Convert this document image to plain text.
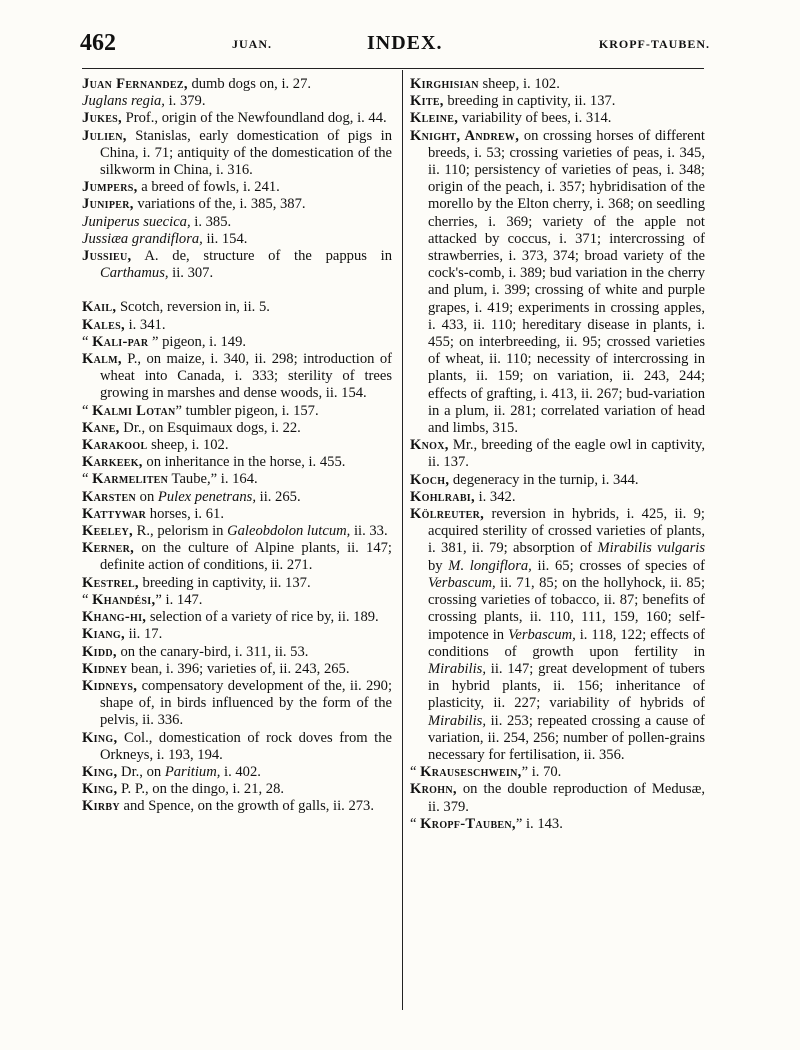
462	JUAN.	INDEX.	KROPF-TAUBEN.
Juan Fernandez, dumb dogs on, i. 27.
Juglans regia, i. 379.
Jukes, Prof., origin of the Newfoundland dog, i. 44.
Julien, Stanislas, early domestication of pigs in China, i. 71; antiquity of the domestication of the silkworm in China, i. 316.
Jumpers, a breed of fowls, i. 241.
Juniper, variations of the, i. 385, 387.
Juniperus suecica, i. 385.
Jussiæa grandiflora, ii. 154.
Jussieu, A. de, structure of the pappus in Carthamus, ii. 307.
Kail, Scotch, reversion in, ii. 5.
Kales, i. 341.
“ Kali-par ” pigeon, i. 149.
Kalm, P., on maize, i. 340, ii. 298; introduction of wheat into Canada, i. 333; sterility of trees growing in marshes and dense woods, ii. 154.
“ Kalmi Lotan” tumbler pigeon, i. 157.
Kane, Dr., on Esquimaux dogs, i. 22.
Karakool sheep, i. 102.
Karkeek, on inheritance in the horse, i. 455.
“ Karmeliten Taube,” i. 164.
Karsten on Pulex penetrans, ii. 265.
Kattywar horses, i. 61.
Keeley, R., pelorism in Galeobdolon lutcum, ii. 33.
Kerner, on the culture of Alpine plants, ii. 147; definite action of conditions, ii. 271.
Kestrel, breeding in captivity, ii. 137.
“ Khandési,” i. 147.
Khang-hi, selection of a variety of rice by, ii. 189.
Kiang, ii. 17.
Kidd, on the canary-bird, i. 311, ii. 53.
Kidney bean, i. 396; varieties of, ii. 243, 265.
Kidneys, compensatory development of the, ii. 290; shape of, in birds influenced by the form of the pelvis, ii. 336.
King, Col., domestication of rock doves from the Orkneys, i. 193, 194.
King, Dr., on Paritium, i. 402.
King, P. P., on the dingo, i. 21, 28.
Kirby and Spence, on the growth of galls, ii. 273.
Kirghisian sheep, i. 102.
Kite, breeding in captivity, ii. 137.
Kleine, variability of bees, i. 314.
Knight, Andrew, on crossing horses of different breeds, i. 53; crossing varieties of peas, i. 345, ii. 110; persistency of varieties of peas, i. 348; origin of the peach, i. 357; hybridisation of the morello by the Elton cherry, i. 368; on seedling cherries, i. 369; variety of the apple not attacked by coccus, i. 371; intercrossing of strawberries, i. 373, 374; broad variety of the cock's-comb, i. 389; bud variation in the cherry and plum, i. 399; crossing of white and purple grapes, i. 419; experiments in crossing apples, i. 433, ii. 110; hereditary disease in plants, i. 455; on interbreeding, ii. 95; crossed varieties of wheat, ii. 110; necessity of intercrossing in plants, ii. 159; on variation, ii. 243, 244; effects of grafting, i. 413, ii. 267; bud-variation in a plum, ii. 281; correlated variation of head and limbs, 315.
Knox, Mr., breeding of the eagle owl in captivity, ii. 137.
Koch, degeneracy in the turnip, i. 344.
Kohlrabi, i. 342.
Kölreuter, reversion in hybrids, i. 425, ii. 9; acquired sterility of crossed varieties of plants, i. 381, ii. 79; absorption of Mirabilis vulgaris by M. longiflora, ii. 65; crosses of species of Verbascum, ii. 71, 85; on the hollyhock, ii. 85; crossing varieties of tobacco, ii. 87; benefits of crossing plants, ii. 110, 111, 159, 160; self-impotence in Verbascum, i. 118, 122; effects of conditions of growth upon fertility in Mirabilis, ii. 147; great development of tubers in hybrid plants, ii. 156; inheritance of plasticity, ii. 227; variability of hybrids of Mirabilis, ii. 253; repeated crossing a cause of variation, ii. 254, 256; number of pollen-grains necessary for fertilisation, ii. 356.
“ Krauseschwein,” i. 70.
Krohn, on the double reproduction of Medusæ, ii. 379.
“ Kropf-Tauben,” i. 143.
